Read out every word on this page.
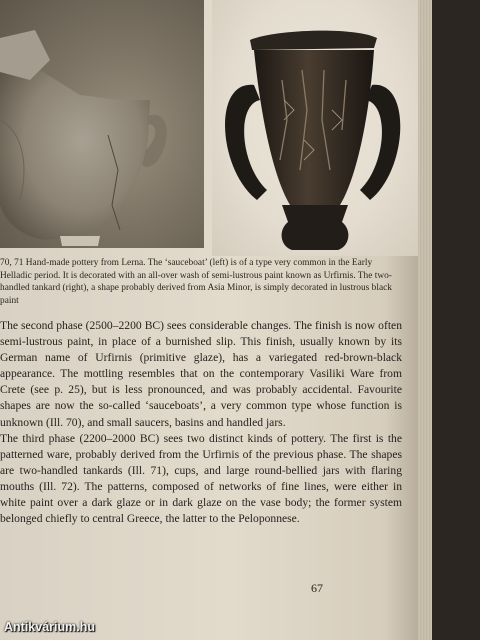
70, 71 Hand-made pottery from Lerna. The ‘sauceboat’ (left) is of a type very common in the Early Helladic period. It is decorated with an all-over wash of semi-lustrous paint known as Urfirnis. The two-handled tankard (right), a shape probably derived from Asia Minor, is simply decorated in lustrous black paint

The second phase (2500–2200 BC) sees considerable changes. The finish is now often semi-lustrous paint, in place of a burnished slip. This finish, usually known by its German name of Urfirnis (primitive glaze), has a variegated red-brown-black appearance. The mottling resembles that on the contemporary Vasiliki Ware from Crete (see p. 25), but is less pronounced, and was probably accidental. Favourite shapes are now the so-called ‘sauceboats’, a very common type whose function is unknown (Ill. 70), and small saucers, basins and handled jars.

The third phase (2200–2000 BC) sees two distinct kinds of pottery. The first is the patterned ware, probably derived from the Urfirnis of the previous phase. The shapes are two-handled tankards (Ill. 71), cups, and large round-bellied jars with flaring mouths (Ill. 72). The patterns, composed of networks of fine lines, were either in white paint over a dark glaze or in dark glaze on the vase body; the former system belonged chiefly to central Greece, the latter to the Peloponnese.

67
Antikvárium.hu
